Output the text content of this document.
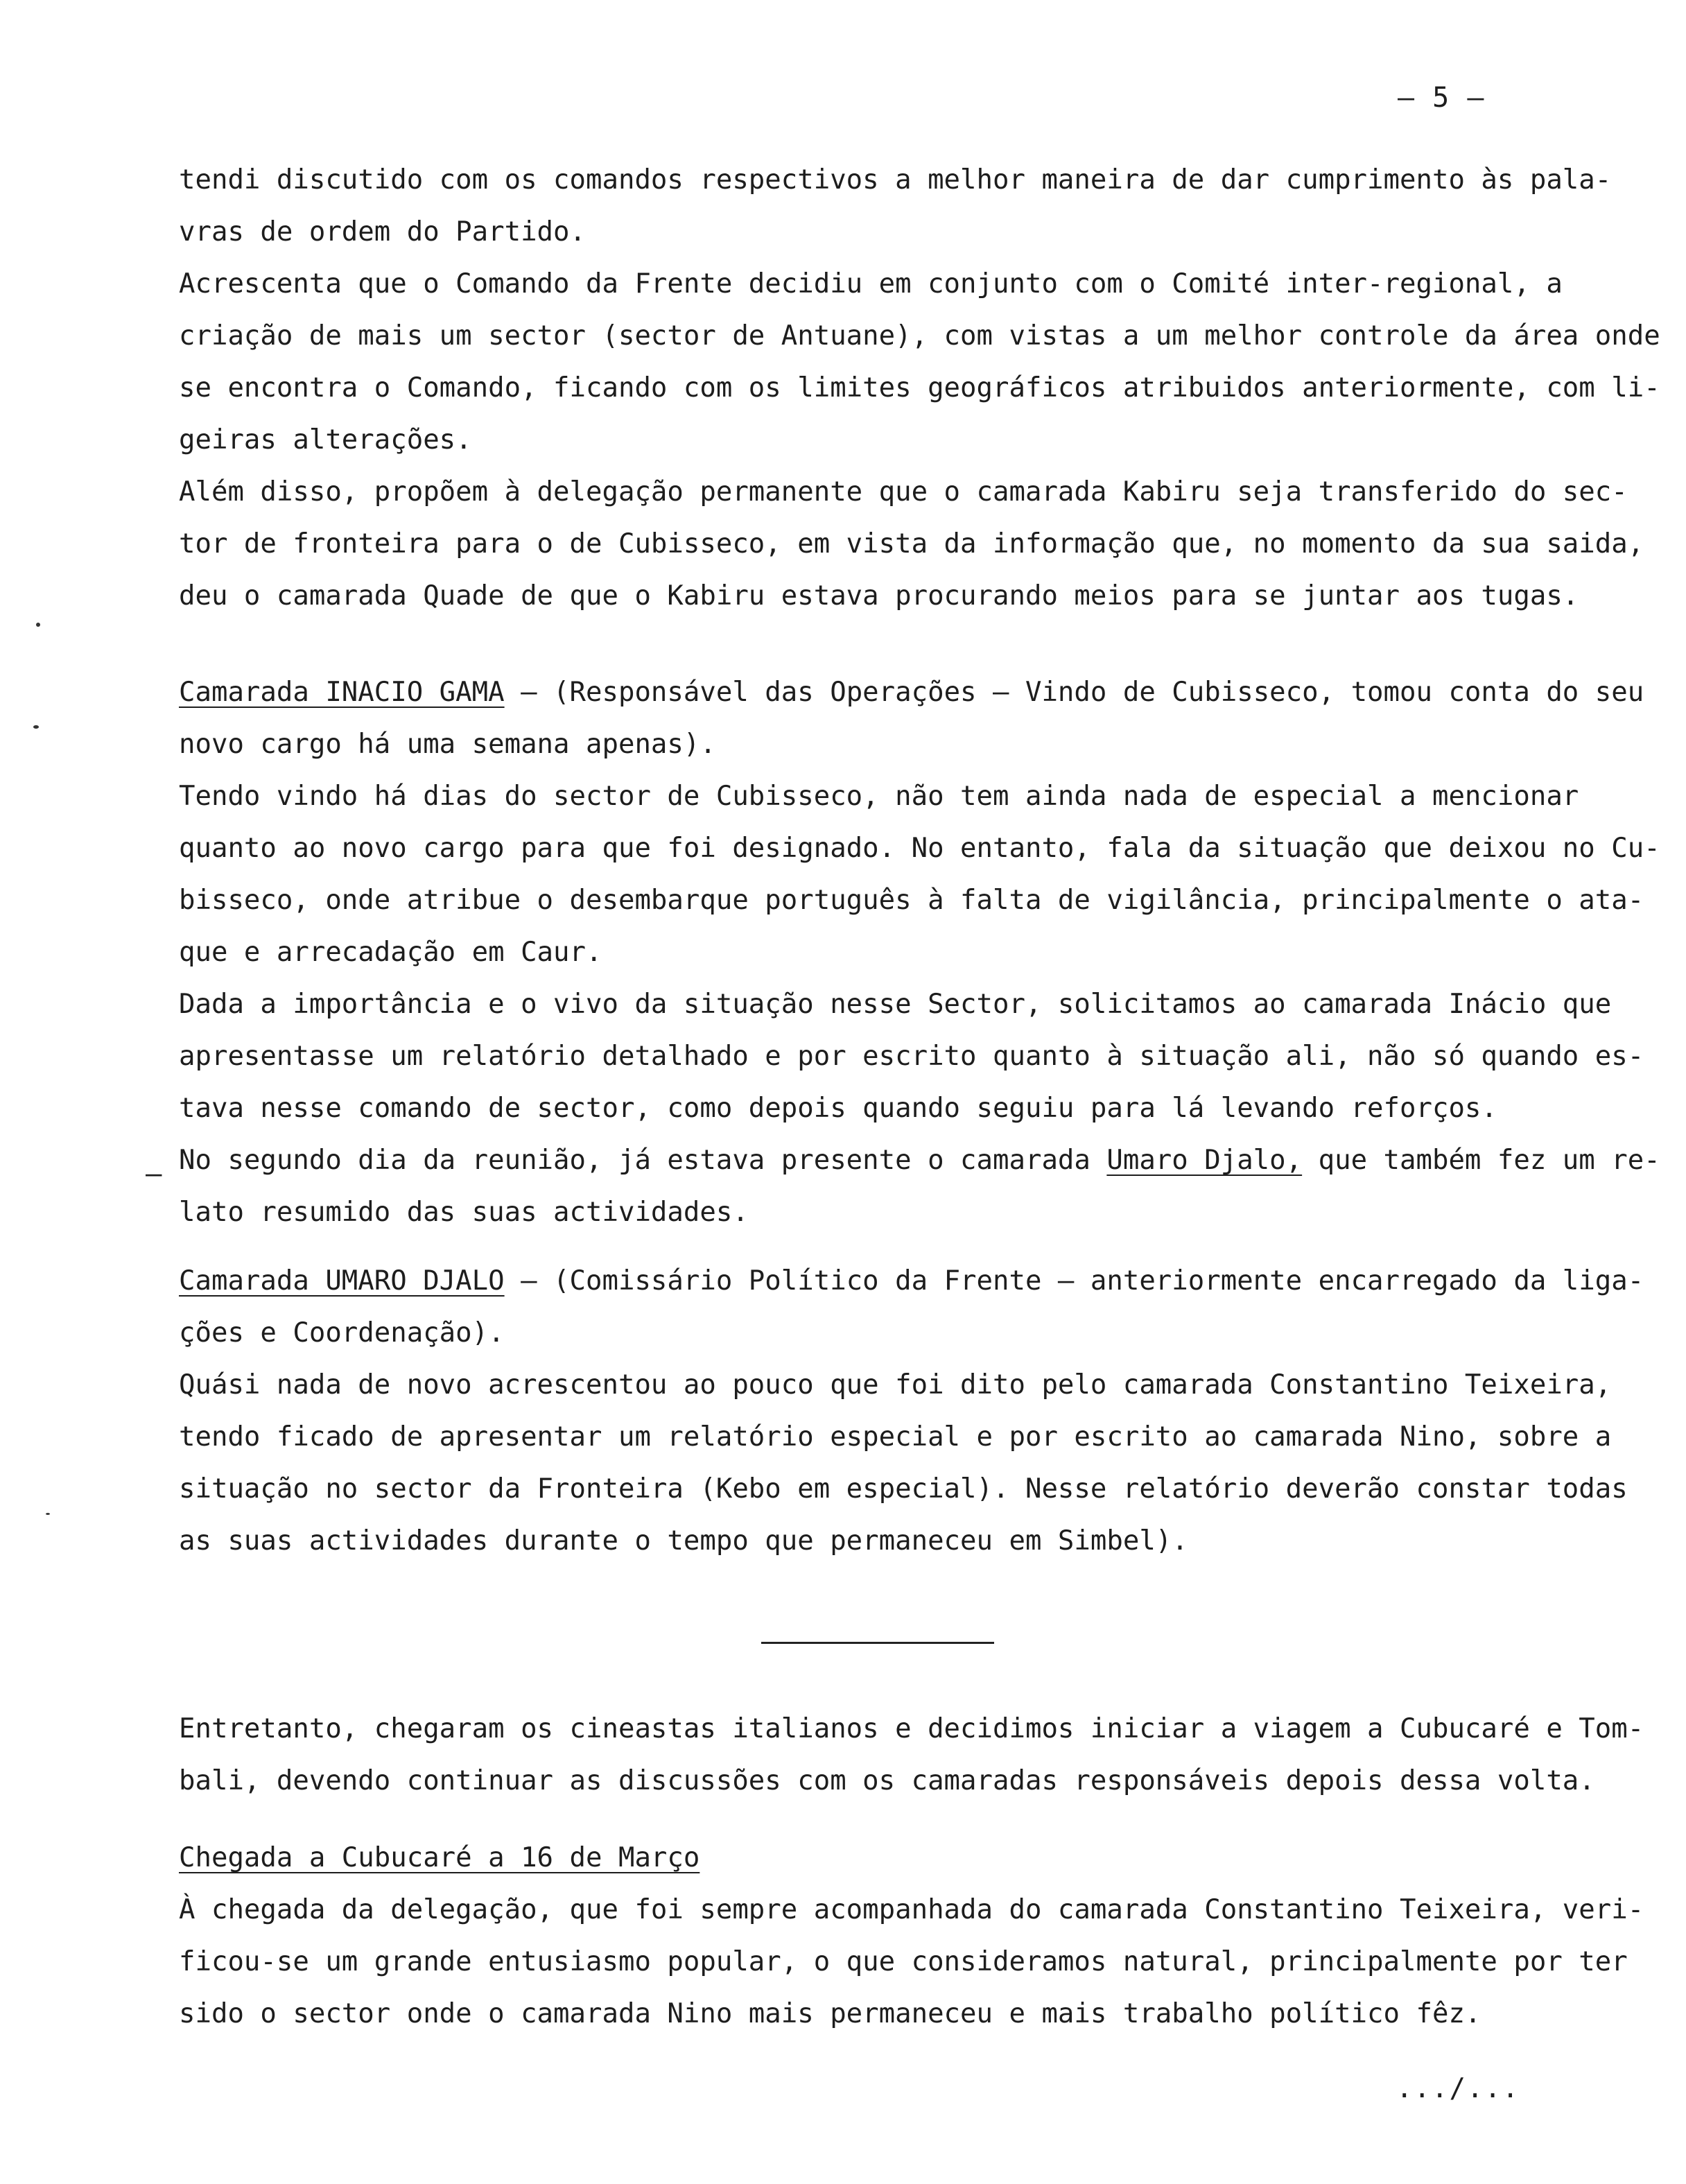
– 5 –
tendi discutido com os comandos respectivos a melhor maneira de dar cumprimento às pala-
vras de ordem do Partido.
Acrescenta que o Comando da Frente decidiu em conjunto com o Comité inter-regional, a
criação de mais um sector (sector de Antuane), com vistas a um melhor controle da área onde
se encontra o Comando, ficando com os limites geográficos atribuidos anteriormente, com li-
geiras alterações.
Além disso, propõem à delegação permanente que o camarada Kabiru seja transferido do sec-
tor de fronteira para o de Cubisseco, em vista da informação que, no momento da sua saida,
deu o camarada Quade de que o Kabiru estava procurando meios para se juntar aos tugas.
Camarada INACIO GAMA – (Responsável das Operações – Vindo de Cubisseco, tomou conta do seu
novo cargo há uma semana apenas).
Tendo vindo há dias do sector de Cubisseco, não tem ainda nada de especial a mencionar
quanto ao novo cargo para que foi designado. No entanto, fala da situação que deixou no Cu-
bisseco, onde atribue o desembarque português à falta de vigilância, principalmente o ata-
que e arrecadação em Caur.
Dada a importância e o vivo da situação nesse Sector, solicitamos ao camarada Inácio que
apresentasse um relatório detalhado e por escrito quanto à situação ali, não só quando es-
tava nesse comando de sector, como depois quando seguiu para lá levando reforços.
No segundo dia da reunião, já estava presente o camarada Umaro Djalo, que também fez um re-
lato resumido das suas actividades.
Camarada UMARO DJALO – (Comissário Político da Frente – anteriormente encarregado da liga-
ções e Coordenação).
Quási nada de novo acrescentou ao pouco que foi dito pelo camarada Constantino Teixeira,
tendo ficado de apresentar um relatório especial e por escrito ao camarada Nino, sobre a
situação no sector da Fronteira (Kebo em especial). Nesse relatório deverão constar todas
as suas actividades durante o tempo que permaneceu em Simbel).
Entretanto, chegaram os cineastas italianos e decidimos iniciar a viagem a Cubucaré e Tom-
bali, devendo continuar as discussões com os camaradas responsáveis depois dessa volta.
Chegada a Cubucaré a 16 de Março
À chegada da delegação, que foi sempre acompanhada do camarada Constantino Teixeira, veri-
ficou-se um grande entusiasmo popular, o que consideramos natural, principalmente por ter
sido o sector onde o camarada Nino mais permaneceu e mais trabalho político fêz.
–
.../...
